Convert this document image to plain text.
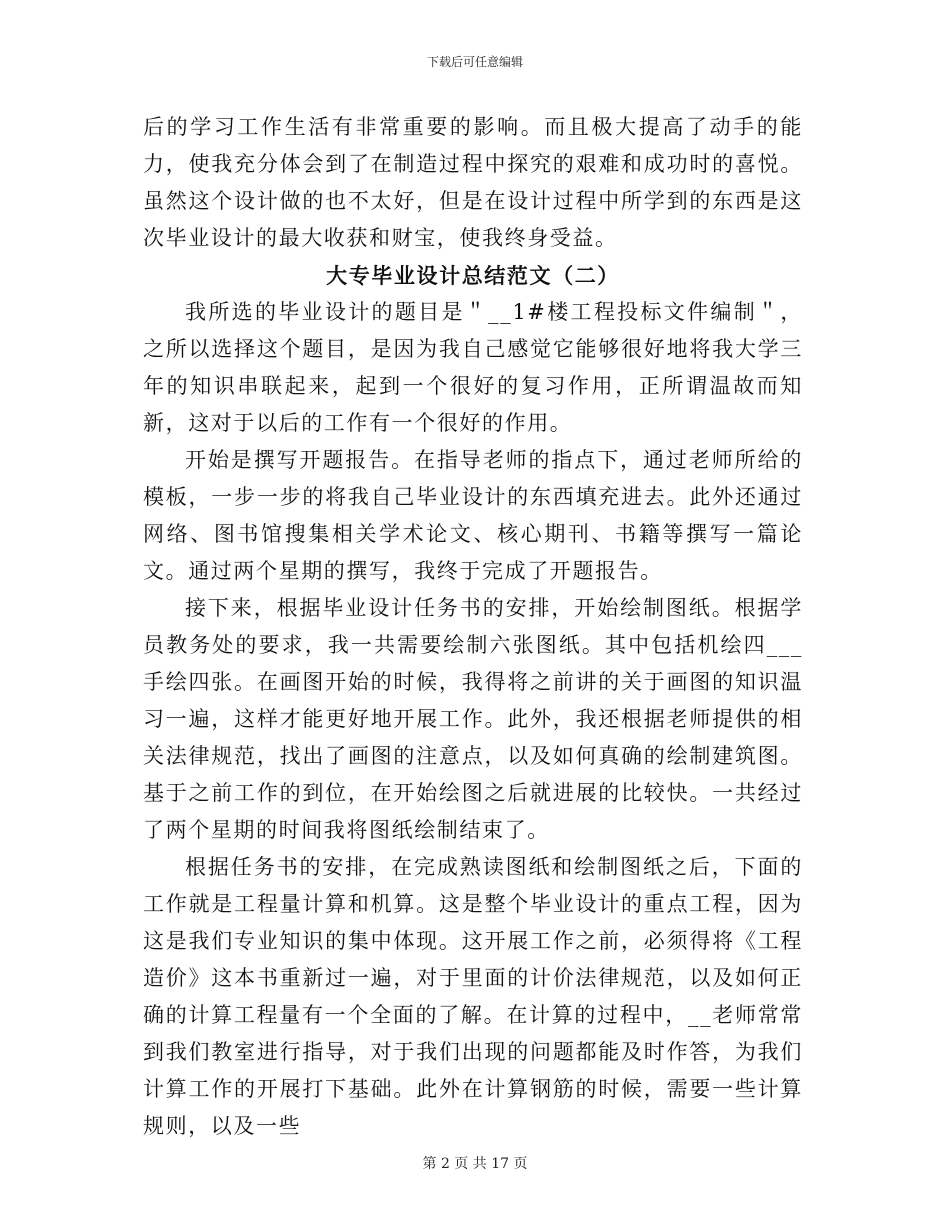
下载后可任意编辑

后的学习工作生活有非常重要的影响。而且极大提高了动手的能力，使我充分体会到了在制造过程中探究的艰难和成功时的喜悦。虽然这个设计做的也不太好，但是在设计过程中所学到的东西是这次毕业设计的最大收获和财宝，使我终身受益。

大专毕业设计总结范文（二）

我所选的毕业设计的题目是＂__1#楼工程投标文件编制＂，之所以选择这个题目，是因为我自己感觉它能够很好地将我大学三年的知识串联起来，起到一个很好的复习作用，正所谓温故而知新，这对于以后的工作有一个很好的作用。

开始是撰写开题报告。在指导老师的指点下，通过老师所给的模板，一步一步的将我自己毕业设计的东西填充进去。此外还通过网络、图书馆搜集相关学术论文、核心期刊、书籍等撰写一篇论文。通过两个星期的撰写，我终于完成了开题报告。

接下来，根据毕业设计任务书的安排，开始绘制图纸。根据学员教务处的要求，我一共需要绘制六张图纸。其中包括机绘四___手绘四张。在画图开始的时候，我得将之前讲的关于画图的知识温习一遍，这样才能更好地开展工作。此外，我还根据老师提供的相关法律规范，找出了画图的注意点，以及如何真确的绘制建筑图。基于之前工作的到位，在开始绘图之后就进展的比较快。一共经过了两个星期的时间我将图纸绘制结束了。

根据任务书的安排，在完成熟读图纸和绘制图纸之后，下面的工作就是工程量计算和机算。这是整个毕业设计的重点工程，因为这是我们专业知识的集中体现。这开展工作之前，必须得将《工程造价》这本书重新过一遍，对于里面的计价法律规范，以及如何正确的计算工程量有一个全面的了解。在计算的过程中，__老师常常到我们教室进行指导，对于我们出现的问题都能及时作答，为我们计算工作的开展打下基础。此外在计算钢筋的时候，需要一些计算规则，以及一些

第 2 页 共 17 页
